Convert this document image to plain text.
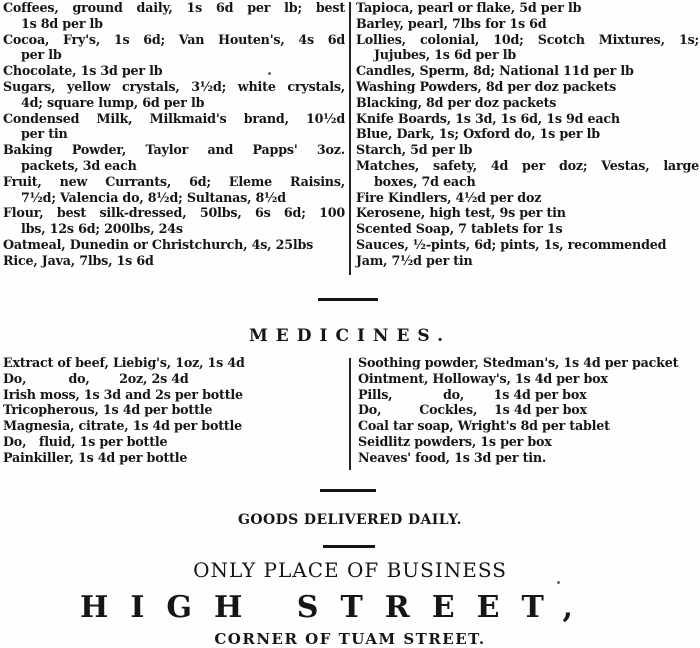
Coffees, ground daily, 1s 6d per lb; best
1s 8d per lb
Cocoa, Fry's, 1s 6d; Van Houten's, 4s 6d
per lb
Chocolate, 1s 3d per lb
Sugars, yellow crystals, 3½d; white crystals,
4d; square lump, 6d per lb
Condensed Milk, Milkmaid's brand, 10½d
per tin
Baking Powder, Taylor and Papps' 3oz.
packets, 3d each
Fruit, new Currants, 6d; Eleme Raisins,
7½d; Valencia do, 8½d; Sultanas, 8½d
Flour, best silk-dressed, 50lbs, 6s 6d; 100
lbs, 12s 6d; 200lbs, 24s
Oatmeal, Dunedin or Christchurch, 4s, 25lbs
Rice, Java, 7lbs, 1s 6d
Tapioca, pearl or flake, 5d per lb
Barley, pearl, 7lbs for 1s 6d
Lollies, colonial, 10d; Scotch Mixtures, 1s;
Jujubes, 1s 6d per lb
Candles, Sperm, 8d; National 11d per lb
Washing Powders, 8d per doz packets
Blacking, 8d per doz packets
Knife Boards, 1s 3d, 1s 6d, 1s 9d each
Blue, Dark, 1s; Oxford do, 1s per lb
Starch, 5d per lb
Matches, safety, 4d per doz; Vestas, large
boxes, 7d each
Fire Kindlers, 4½d per doz
Kerosene, high test, 9s per tin
Scented Soap, 7 tablets for 1s
Sauces, ½-pints, 6d; pints, 1s, recommended
Jam, 7½d per tin
MEDICINES.
Extract of beef, Liebig's, 1oz, 1s 4d
Do,          do,       2oz, 2s 4d
Irish moss, 1s 3d and 2s per bottle
Tricopherous, 1s 4d per bottle
Magnesia, citrate, 1s 4d per bottle
Do,   fluid, 1s per bottle
Painkiller, 1s 4d per bottle
Soothing powder, Stedman's, 1s 4d per packet
Ointment, Holloway's, 1s 4d per box
Pills,            do,       1s 4d per box
Do,         Cockles,    1s 4d per box
Coal tar soap, Wright's 8d per tablet
Seidlitz powders, 1s per box
Neaves' food, 1s 3d per tin.
GOODS DELIVERED DAILY.
ONLY PLACE OF BUSINESS
HIGH STREET,
CORNER OF TUAM STREET.
